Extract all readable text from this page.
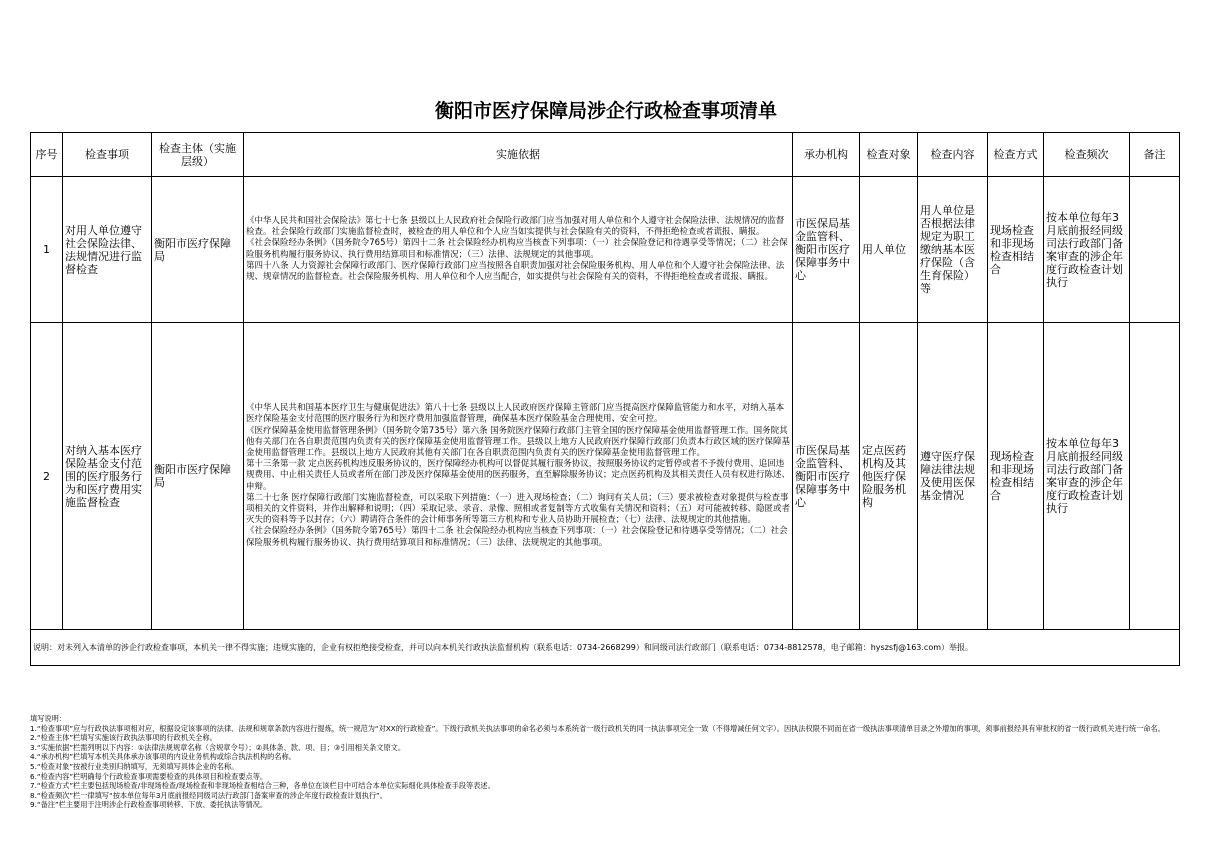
衡阳市医疗保障局涉企行政检查事项清单
序号	检查事项	检查主体（实施层级）	实施依据	承办机构	检查对象	检查内容	检查方式	检查频次	备注
1	对用人单位遵守社会保险法律、法规情况进行监督检查	衡阳市医疗保障局	《中华人民共和国社会保险法》第七十七条 县级以上人民政府社会保险行政部门应当加强对用人单位和个人遵守社会保险法律、法规情况的监督检查。社会保险行政部门实施监督检查时，被检查的用人单位和个人应当如实提供与社会保险有关的资料，不得拒绝检查或者谎报、瞒报。

《社会保险经办条例》（国务院令765号）第四十二条 社会保险经办机构应当核查下列事项：（一）社会保险登记和待遇享受等情况；（二）社会保险服务机构履行服务协议、执行费用结算项目和标准情况；（三）法律、法规规定的其他事项。

第四十八条 人力资源社会保障行政部门、医疗保障行政部门应当按照各自职责加强对社会保险服务机构、用人单位和个人遵守社会保险法律、法规、规章情况的监督检查。社会保险服务机构、用人单位和个人应当配合，如实提供与社会保险有关的资料，不得拒绝检查或者谎报、瞒报。	市医保局基金监管科、衡阳市医疗保障事务中心	用人单位	用人单位是否根据法律规定为职工缴纳基本医疗保险（含生育保险）等	现场检查和非现场检查相结合	按本单位每年3月底前报经同级司法行政部门备案审查的涉企年度行政检查计划执行	
2	对纳入基本医疗保险基金支付范围的医疗服务行为和医疗费用实施监督检查	衡阳市医疗保障局	《中华人民共和国基本医疗卫生与健康促进法》第八十七条 县级以上人民政府医疗保障主管部门应当提高医疗保障监管能力和水平，对纳入基本医疗保险基金支付范围的医疗服务行为和医疗费用加强监督管理，确保基本医疗保险基金合理使用、安全可控。

《医疗保障基金使用监督管理条例》（国务院令第735号）第六条 国务院医疗保障行政部门主管全国的医疗保障基金使用监督管理工作。国务院其他有关部门在各自职责范围内负责有关的医疗保障基金使用监督管理工作。县级以上地方人民政府医疗保障行政部门负责本行政区域的医疗保障基金使用监督管理工作。县级以上地方人民政府其他有关部门在各自职责范围内负责有关的医疗保障基金使用监督管理工作。

第十三条第一款 定点医药机构违反服务协议的，医疗保障经办机构可以督促其履行服务协议，按照服务协议约定暂停或者不予拨付费用、追回违规费用、中止相关责任人员或者所在部门涉及医疗保障基金使用的医药服务，直至解除服务协议；定点医药机构及其相关责任人员有权进行陈述、申辩。

第二十七条 医疗保障行政部门实施监督检查，可以采取下列措施：（一）进入现场检查；（二）询问有关人员；（三）要求被检查对象提供与检查事项相关的文件资料，并作出解释和说明；（四）采取记录、录音、录像、照相或者复制等方式收集有关情况和资料；（五）对可能被转移、隐匿或者灭失的资料等予以封存；（六）聘请符合条件的会计师事务所等第三方机构和专业人员协助开展检查；（七）法律、法规规定的其他措施。

《社会保险经办条例》（国务院令第765号）第四十二条 社会保险经办机构应当核查下列事项：（一）社会保险登记和待遇享受等情况；（二）社会保险服务机构履行服务协议、执行费用结算项目和标准情况；（三）法律、法规规定的其他事项。	市医保局基金监管科、衡阳市医疗保障事务中心	定点医药机构及其他医疗保险服务机构	遵守医疗保障法律法规及使用医保基金情况	现场检查和非现场检查相结合	按本单位每年3月底前报经同级司法行政部门备案审查的涉企年度行政检查计划执行	
说明：对未列入本清单的涉企行政检查事项，本机关一律不得实施；违规实施的，企业有权拒绝接受检查，并可以向本机关行政执法监督机构（联系电话：0734-2668299）和同级司法行政部门（联系电话：0734-8812578，电子邮箱：hyszsfj@163.com）举报。									
填写说明：
1.“检查事项”应与行政执法事项相对应，根据设定该事项的法律、法规和规章条款内容进行提炼，统一规范为“对XX的行政检查”。下级行政机关执法事项的命名必须与本系统省一级行政机关的同一执法事项完全一致（不得增减任何文字）。因执法权限不同而在省一级执法事项清单目录之外增加的事项，须事前报经具有审批权的省一级行政机关进行统一命名。
2.“检查主体”栏填写实施该行政执法事项的行政机关全称。
3.“实施依据”栏需列明以下内容：①法律法规规章名称（含规章令号）；②具体条、款、项、目；③引用相关条文原文。
4.“承办机构”栏填写本机关具体承办该事项的内设业务机构或综合执法机构的名称。
5.“检查对象”按被行业类别归纳填写，无须填写具体企业的名称。
6.“检查内容”栏明确每个行政检查事项需要检查的具体项目和检查要点等。
7.“检查方式”栏主要包括现场检查/非现场检查/现场检查和非现场检查相结合三种，各单位在该栏目中可结合本单位实际细化具体检查手段等表述。
8.“检查频次”栏一律填写“按本单位每年3月底前报经同级司法行政部门备案审查的涉企年度行政检查计划执行”。
9.“备注”栏主要用于注明涉企行政检查事项转移、下放、委托执法等情况。
